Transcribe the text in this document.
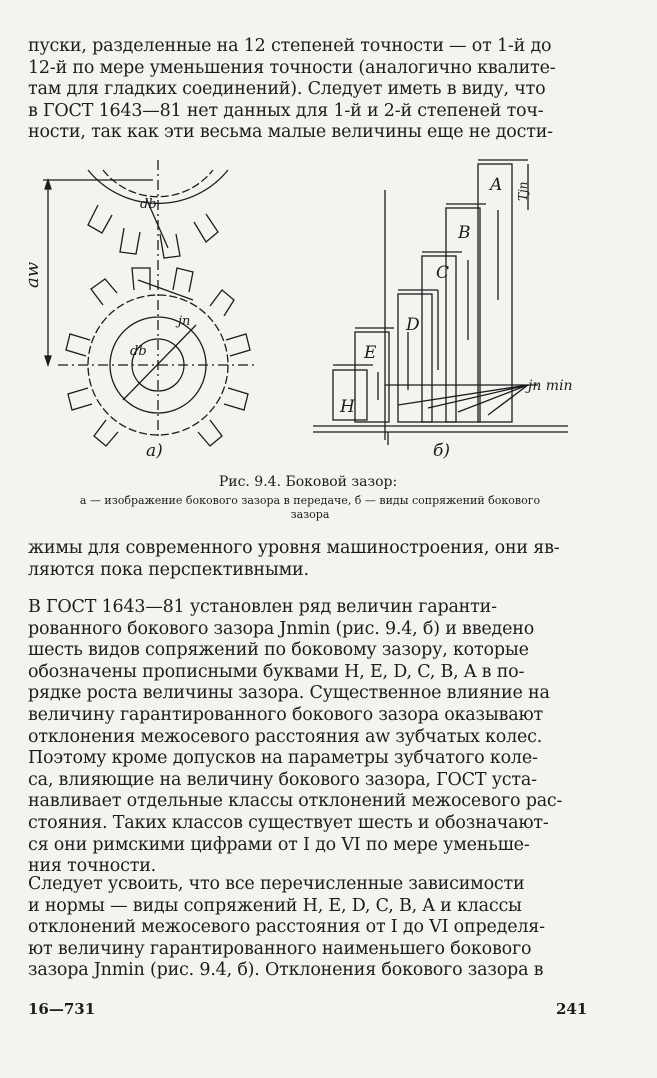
пуски, разделенные на 12 степеней точности — от 1-й до
12-й по мере уменьшения точности (аналогично квалите-
там для гладких соединений). Следует иметь в виду, что
в ГОСТ 1643—81 нет данных для 1-й и 2-й степеней точ-
ности, так как эти весьма малые величины еще не дости-
aw
db
db
jn
а)
A
B
C
D
E
H
Tjn
jn min
б)
Рис. 9.4. Боковой зазор:
а — изображение бокового зазора в передаче, б — виды сопряжений бокового зазора
жимы для современного уровня машиностроения, они яв-
ляются пока перспективными.
В ГОСТ 1643—81 установлен ряд величин гаранти-
рованного бокового зазора Jnmin (рис. 9.4, б) и введено
шесть видов сопряжений по боковому зазору, которые
обозначены прописными буквами H, E, D, C, B, A в по-
рядке роста величины зазора. Существенное влияние на
величину гарантированного бокового зазора оказывают
отклонения межосевого расстояния aw зубчатых колес.
Поэтому кроме допусков на параметры зубчатого коле-
са, влияющие на величину бокового зазора, ГОСТ уста-
навливает отдельные классы отклонений межосевого рас-
стояния. Таких классов существует шесть и обозначают-
ся они римскими цифрами от I до VI по мере уменьше-
ния точности.
Следует усвоить, что все перечисленные зависимости
и нормы — виды сопряжений H, E, D, C, B, A и классы
отклонений межосевого расстояния от I до VI определя-
ют величину гарантированного наименьшего бокового
зазора Jnmin (рис. 9.4, б). Отклонения бокового зазора в
16—731	241
